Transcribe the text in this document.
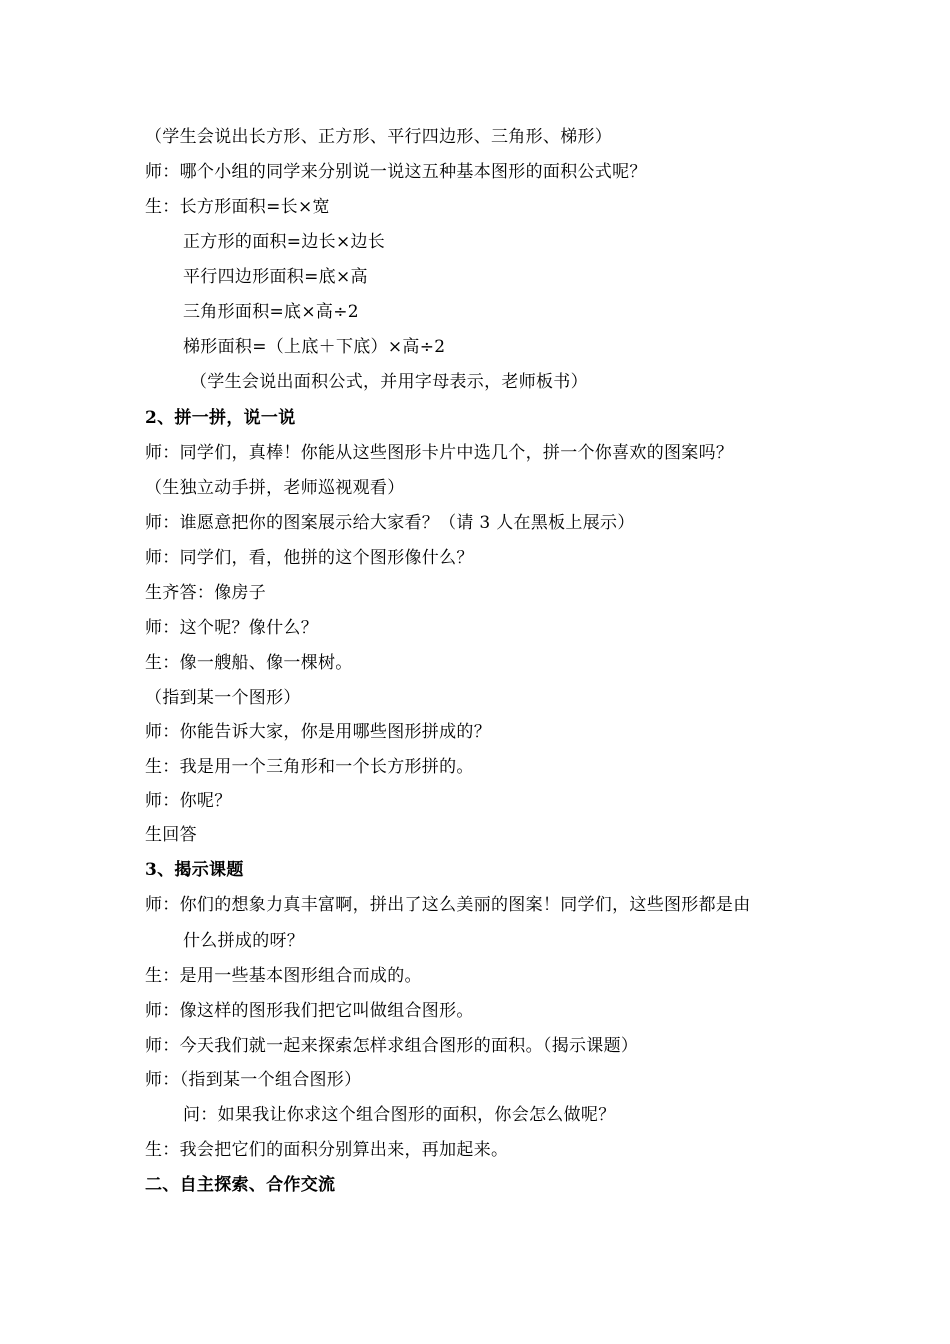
（学生会说出长方形、正方形、平行四边形、三角形、梯形）
师：哪个小组的同学来分别说一说这五种基本图形的面积公式呢？
生：长方形面积=长×宽
正方形的面积=边长×边长
平行四边形面积=底×高
三角形面积=底×高÷2
梯形面积=（上底＋下底）×高÷2
（学生会说出面积公式，并用字母表示，老师板书）
2、拼一拼，说一说
师：同学们，真棒！你能从这些图形卡片中选几个，拼一个你喜欢的图案吗？
（生独立动手拼，老师巡视观看）
师：谁愿意把你的图案展示给大家看？（请 3 人在黑板上展示）
师：同学们，看，他拼的这个图形像什么？
生齐答：像房子
师：这个呢？像什么？
生：像一艘船、像一棵树。
（指到某一个图形）
师：你能告诉大家，你是用哪些图形拼成的？
生：我是用一个三角形和一个长方形拼的。
师：你呢？
生回答
3、揭示课题
师：你们的想象力真丰富啊，拼出了这么美丽的图案！同学们，这些图形都是由
什么拼成的呀？
生：是用一些基本图形组合而成的。
师：像这样的图形我们把它叫做组合图形。
师：今天我们就一起来探索怎样求组合图形的面积。（揭示课题）
师：（指到某一个组合图形）
问：如果我让你求这个组合图形的面积，你会怎么做呢？
生：我会把它们的面积分别算出来，再加起来。
二、自主探索、合作交流
